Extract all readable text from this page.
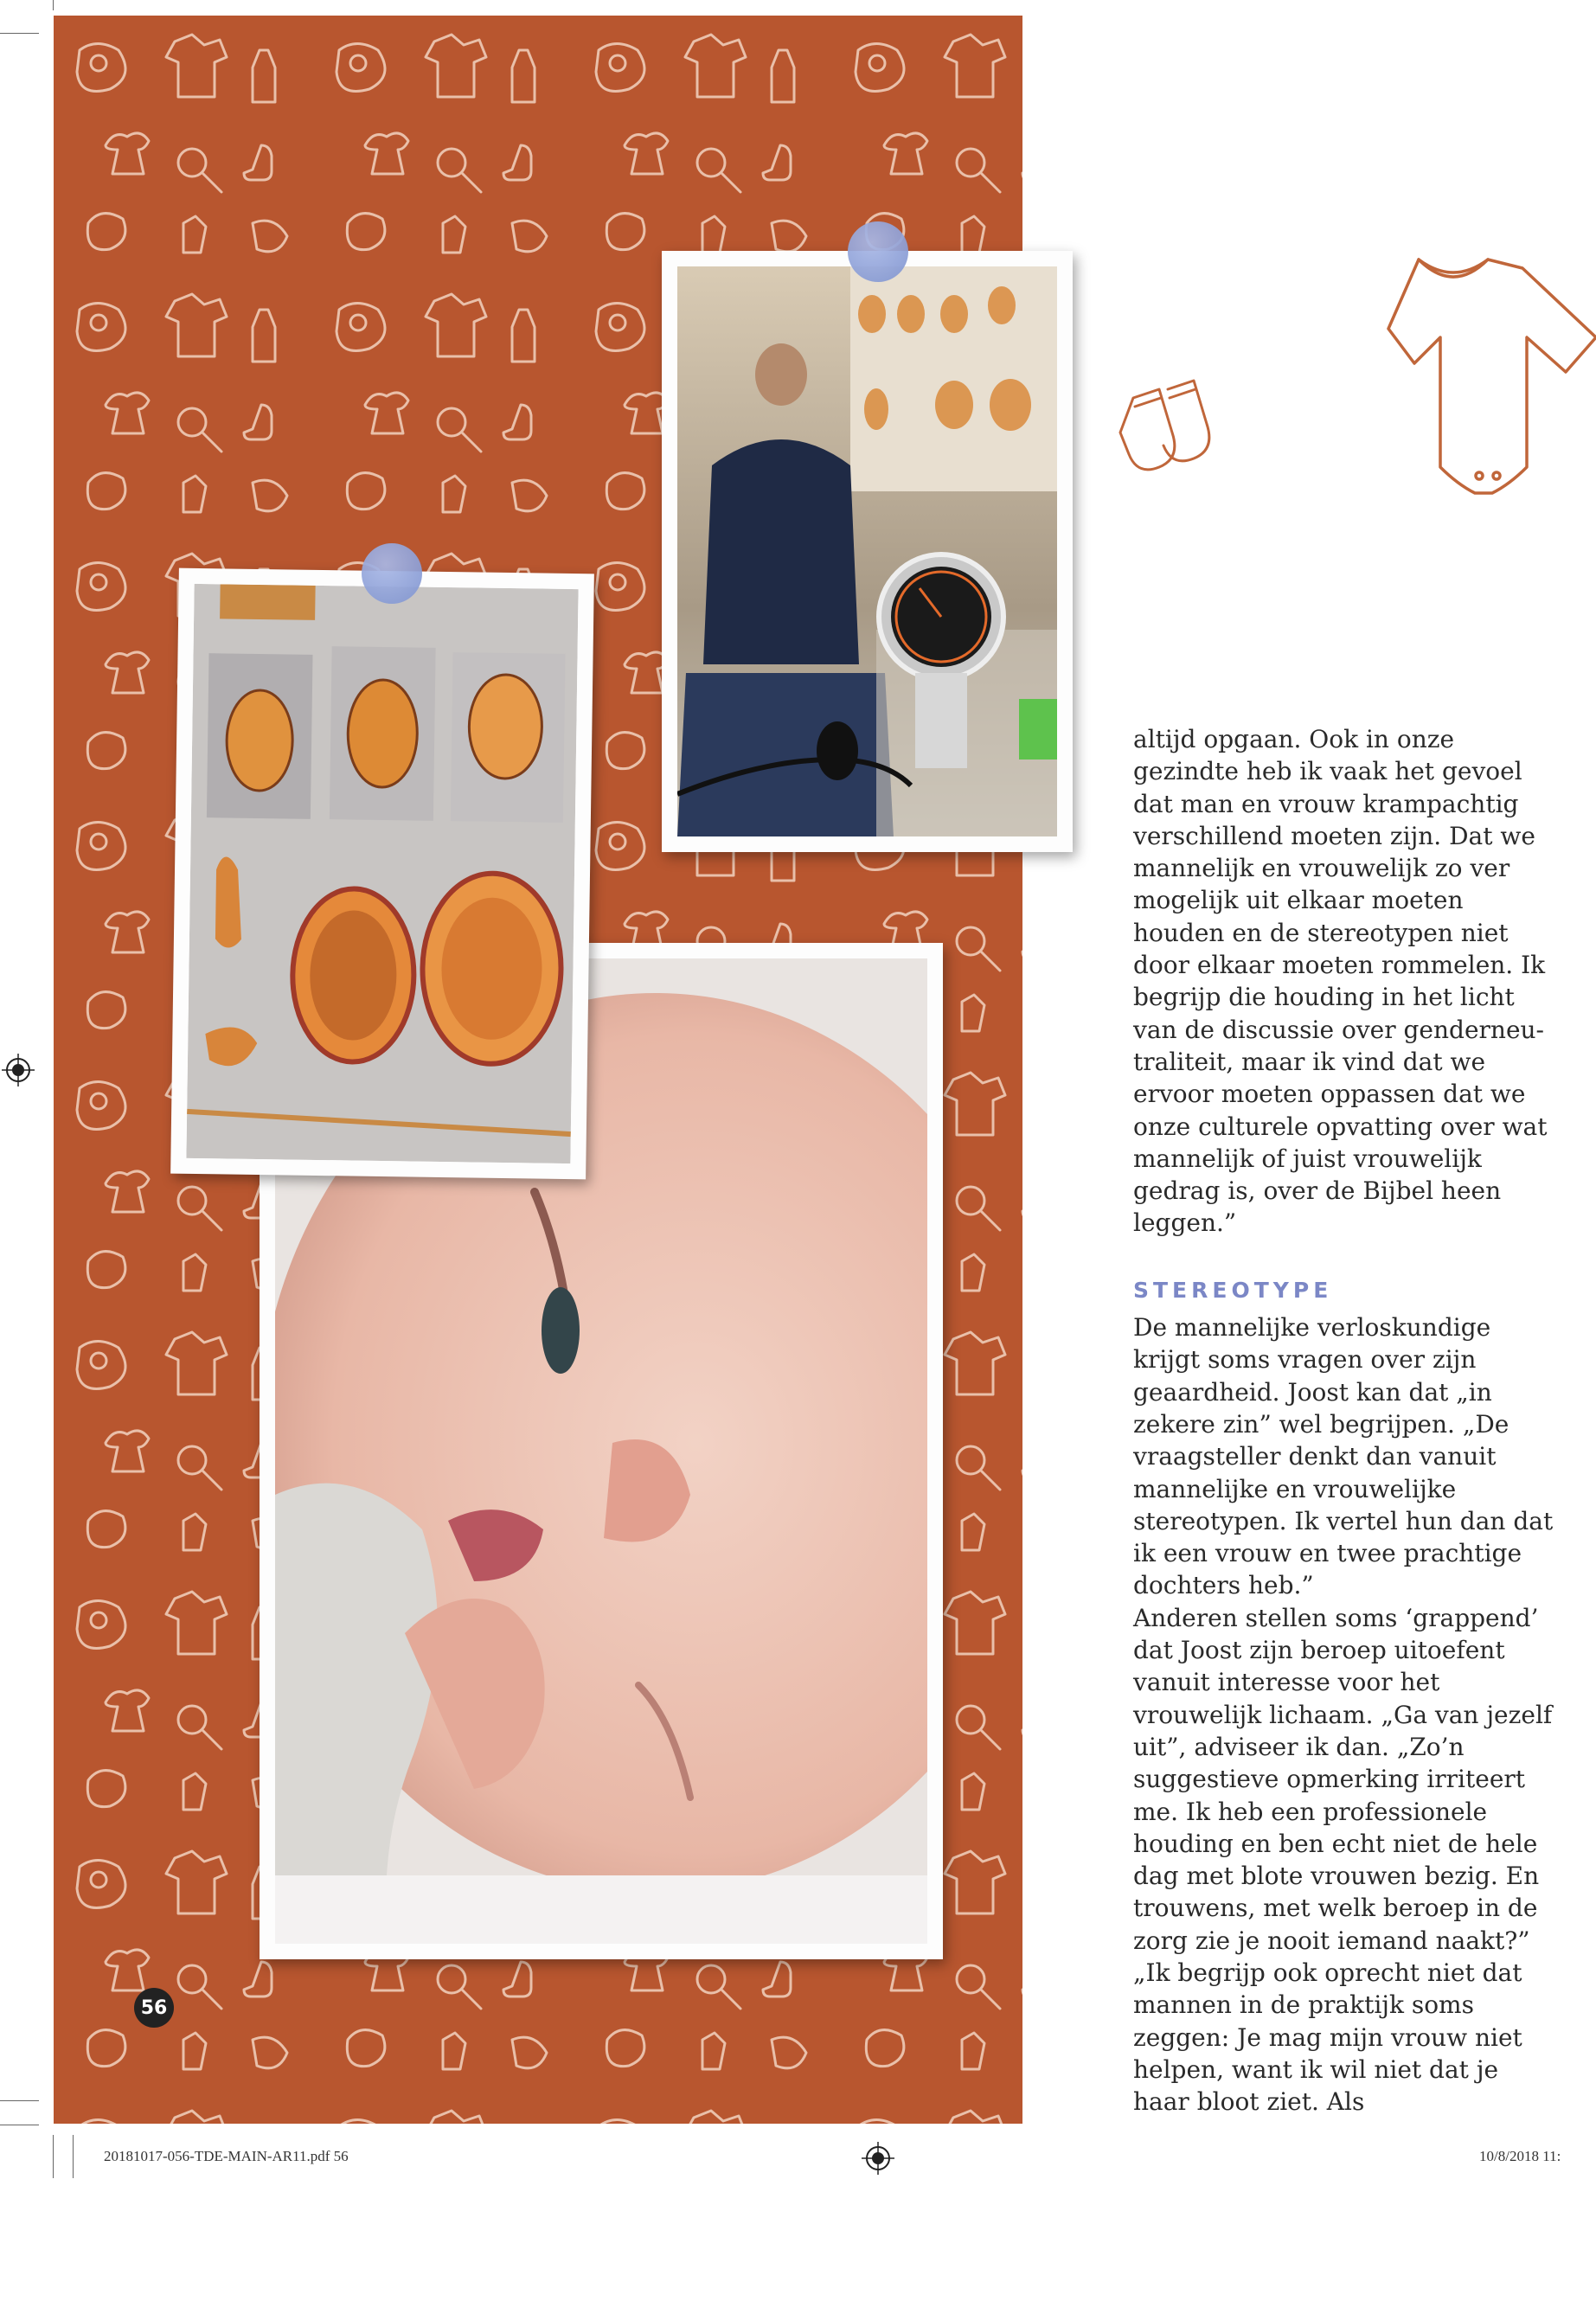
altijd opgaan. Ook in onze gezindte heb ik vaak het gevoel dat man en vrouw krampachtig verschillend moeten zijn. Dat we mannelijk en vrouwelijk zo ver mogelijk uit elkaar moeten houden en de stereotypen niet door elkaar moeten rommelen. Ik begrijp die houding in het licht van de discussie over genderneutraliteit, maar ik vind dat we ervoor moeten oppassen dat we onze culturele opvatting over wat mannelijk of juist vrouwelijk gedrag is, over de Bijbel heen leggen.”

STEREOTYPE

De mannelijke verloskundige krijgt soms vragen over zijn geaardheid. Joost kan dat „in zekere zin” wel begrijpen. „De vraagsteller denkt dan vanuit mannelijke en vrouwelijke stereotypen. Ik vertel hun dan dat ik een vrouw en twee prachtige dochters heb.”

Anderen stellen soms ‘grappend’ dat Joost zijn beroep uitoefent vanuit interesse voor het vrouwelijk lichaam. „Ga van jezelf uit”, adviseer ik dan. „Zo’n suggestieve opmerking irriteert me. Ik heb een professionele houding en ben echt niet de hele dag met blote vrouwen bezig. En trouwens, met welk beroep in de zorg zie je nooit iemand naakt?”

„Ik begrijp ook oprecht niet dat mannen in de praktijk soms zeggen: Je mag mijn vrouw niet helpen, want ik wil niet dat je haar bloot ziet. Als

56
20181017-056-TDE-MAIN-AR11.pdf 56	10/8/2018 11:
